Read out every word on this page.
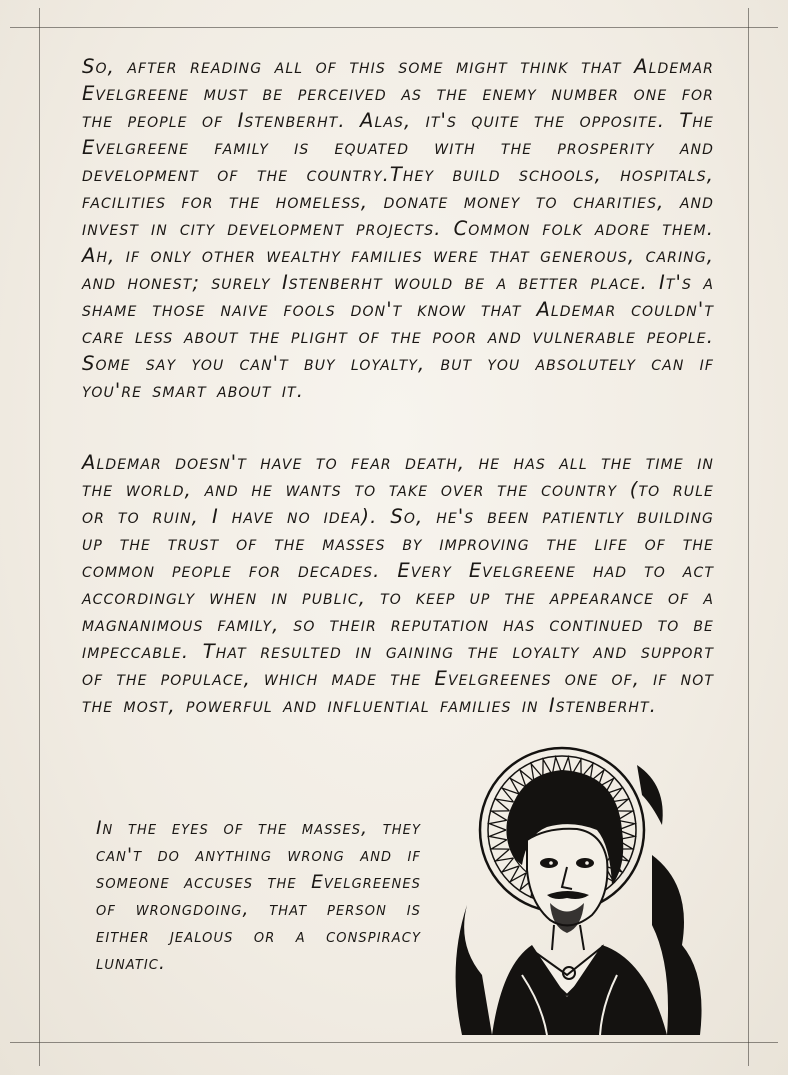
So, after reading all of this some might think that Aldemar Evelgreene must be perceived as the enemy number one for the people of Istenberht. Alas, it's quite the opposite. The Evelgreene family is equated with the prosperity and development of the country.They build schools, hospitals, facilities for the homeless, donate money to charities, and invest in city development projects. Common folk adore them. Ah, if only other wealthy families were that generous, caring, and honest; surely Istenberht would be a better place. It's a shame those naive fools don't know that Aldemar couldn't care less about the plight of the poor and vulnerable people. Some say you can't buy loyalty, but you absolutely can if you're smart about it.
Aldemar doesn't have to fear death, he has all the time in the world, and he wants to take over the country (to rule or to ruin, I have no idea). So, he's been patiently building up the trust of the masses by improving the life of the common people for decades. Every Evelgreene had to act accordingly when in public, to keep up the appearance of a magnanimous family, so their reputation has continued to be impeccable. That resulted in gaining the loyalty and support of the populace, which made the Evelgreenes one of, if not the most, powerful and influential families in Istenberht.
In the eyes of the masses, they can't do anything wrong and if someone accuses the Evelgreenes of wrongdoing, that person is either jealous or a conspiracy lunatic.
